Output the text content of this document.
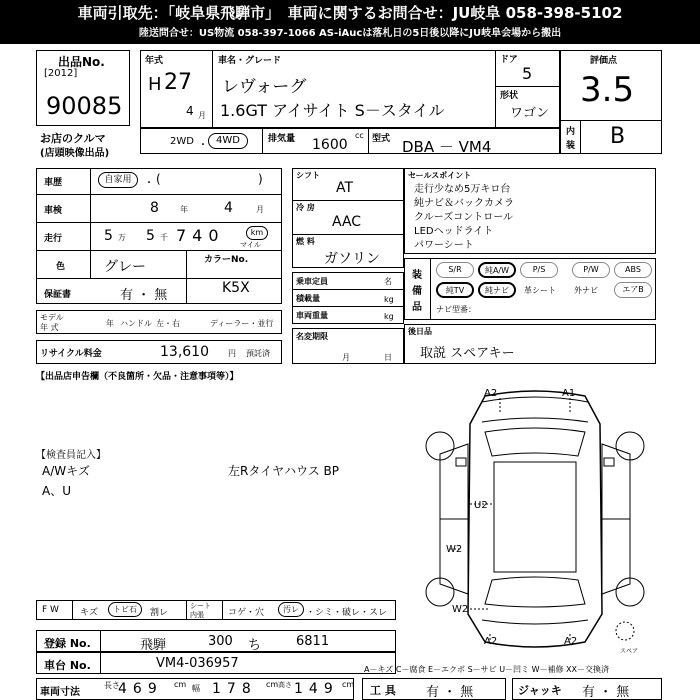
車両引取先：「岐阜県飛騨市」　車両に関するお問合せ：JU岐阜 058-398-5102
陸送問合せ：US物流 058-397-1066 AS-iAucは落札日の5日後以降にJU岐阜会場から搬出
出品No.
[2012]
90085
お店のクルマ
(店頭映像出品)
年式
H 27
4 月
車名・グレード
レヴォーグ
1.6GT アイサイト S－スタイル
ドア
5
形状
ワゴン
2WD ・ 4WD	排気量	cc
1600	型式 DBA － VM4
評価点
3.5
内
装 B
車歴	自家用	・ (	)
車検	8	年	4	月
走行	5 万 5 千 740	km
マイル
色	グレー
保証書	有 ・ 無
カラーNo.
K5X
モデル
年 式	年 ハンドル 左・右	ディーラー・並行
リサイクル料金	13,610 円 預託済
シフト
AT
冷 房
AAC
燃 料
ガソリン
乗車定員	名
積載量	kg
車両重量	kg
名変期限
月	日
セールスポイント
走行少なめ5万キロ台
純ナビ＆バックカメラ
クルーズコントロール
LEDヘッドライト
パワーシート
装
備
品
S/R	純A/W	P/S	P/W	ABS
純TV	純ナビ	革シート 外ナビ	エアB
ナビ型番：
後日品
取説 スペアキー
【出品店申告欄（不良箇所・欠品・注意事項等）】
【検査員記入】
A/Wキズ
A、U
左Rタイヤハウス BP
A2	A1
U2
W2
W2
A2	A2
スペア
F W キズ	トビ石	割レ
シート
内張	コゲ・穴	汚レ ・シミ・破レ・スレ
登録 No.	飛騨	300 ち	6811
車台 No.	VM4-036957	A－キズ C－腐食 E－エクボ S－サビ U－凹ミ W－補修 XX－交換済
車両寸法
長さ
469 cm 幅 178 cm 高さ 149 cm 工 具 有 ・ 無	ジャッキ 有 ・ 無
